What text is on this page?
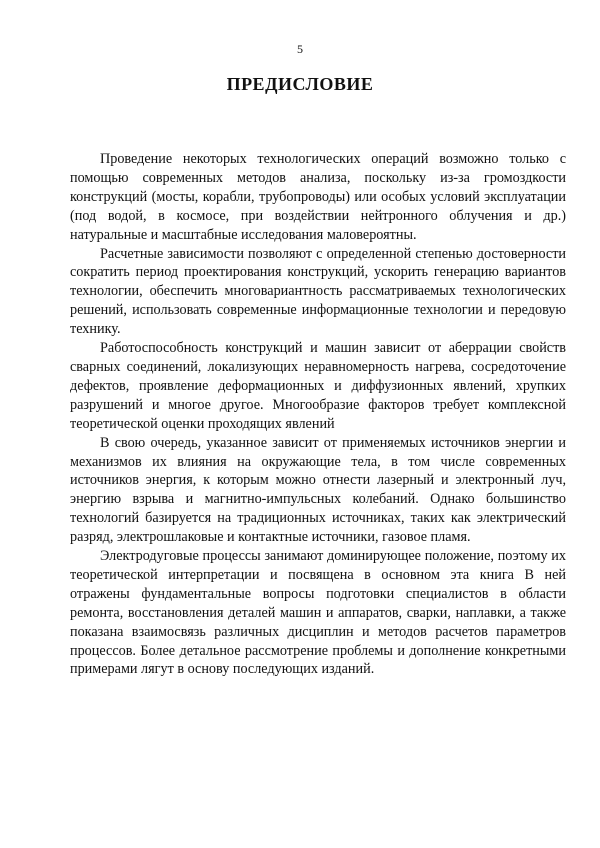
5
ПРЕДИСЛОВИЕ

Проведение некоторых технологических операций возможно только с помощью современных методов анализа, поскольку из-за громоздкости конструкций (мосты, корабли, трубопроводы) или особых условий эксплуатации (под водой, в космосе, при воздействии нейтронного облучения и др.) натуральные и масштабные исследования маловероятны.

Расчетные зависимости позволяют с определенной степенью достоверности сократить период проектирования конструкций, ускорить генерацию вариантов технологии, обеспечить многовариантность рассматриваемых технологических решений, использовать современные информационные технологии и передовую технику.

Работоспособность конструкций и машин зависит от аберрации свойств сварных соединений, локализующих неравномерность нагрева, сосредоточение дефектов, проявление деформационных и диффузионных явлений, хрупких разрушений и многое другое. Многообразие факторов требует комплексной теоретической оценки проходящих явлений

В свою очередь, указанное зависит от применяемых источников энергии и механизмов их влияния на окружающие тела, в том числе современных источников энергия, к которым можно отнести лазерный и электронный луч, энергию взрыва и магнитно-импульсных колебаний. Однако большинство технологий базируется на традиционных источниках, таких как электрический разряд, электрошлаковые и контактные источники, газовое пламя.

Электродуговые процессы занимают доминирующее положение, поэтому их теоретической интерпретации и посвящена в основном эта книга В ней отражены фундаментальные вопросы подготовки специалистов в области ремонта, восстановления деталей машин и аппаратов, сварки, наплавки, а также показана взаимосвязь различных дисциплин и методов расчетов параметров процессов. Более детальное рассмотрение проблемы и дополнение конкретными примерами лягут в основу последующих изданий.
